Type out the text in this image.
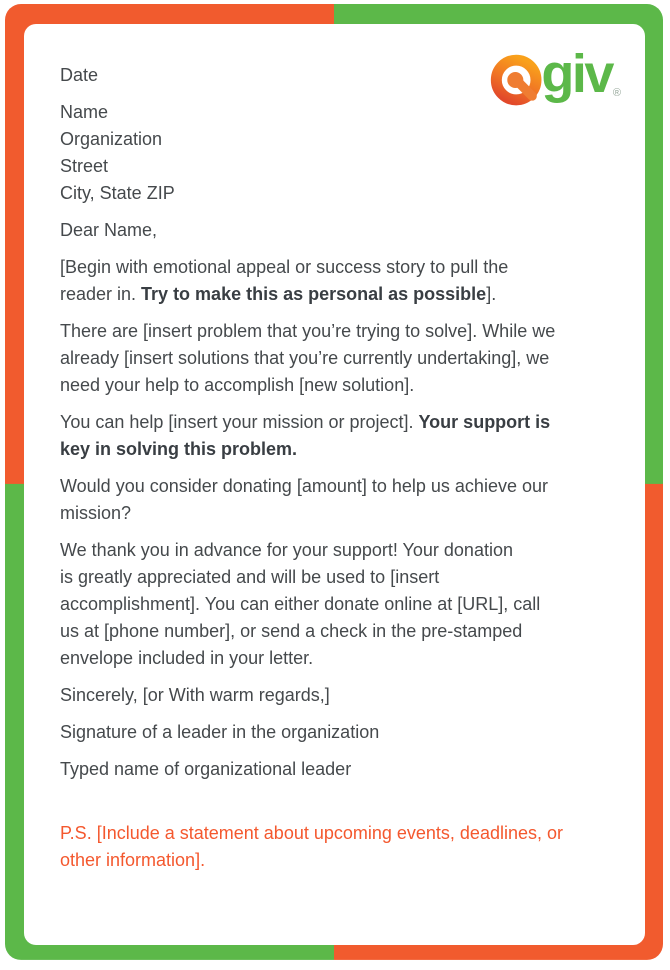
giv ®

Date

Name
Organization
Street
City, State ZIP

Dear Name,

[Begin with emotional appeal or success story to pull the
reader in. Try to make this as personal as possible].

There are [insert problem that you’re trying to solve]. While we
already [insert solutions that you’re currently undertaking], we
need your help to accomplish [new solution].

You can help [insert your mission or project]. Your support is
key in solving this problem.

Would you consider donating [amount] to help us achieve our
mission?

We thank you in advance for your support! Your donation
is greatly appreciated and will be used to [insert
accomplishment]. You can either donate online at [URL], call
us at [phone number], or send a check in the pre-stamped
envelope included in your letter.

Sincerely, [or With warm regards,]

Signature of a leader in the organization

Typed name of organizational leader

P.S. [Include a statement about upcoming events, deadlines, or
other information].
